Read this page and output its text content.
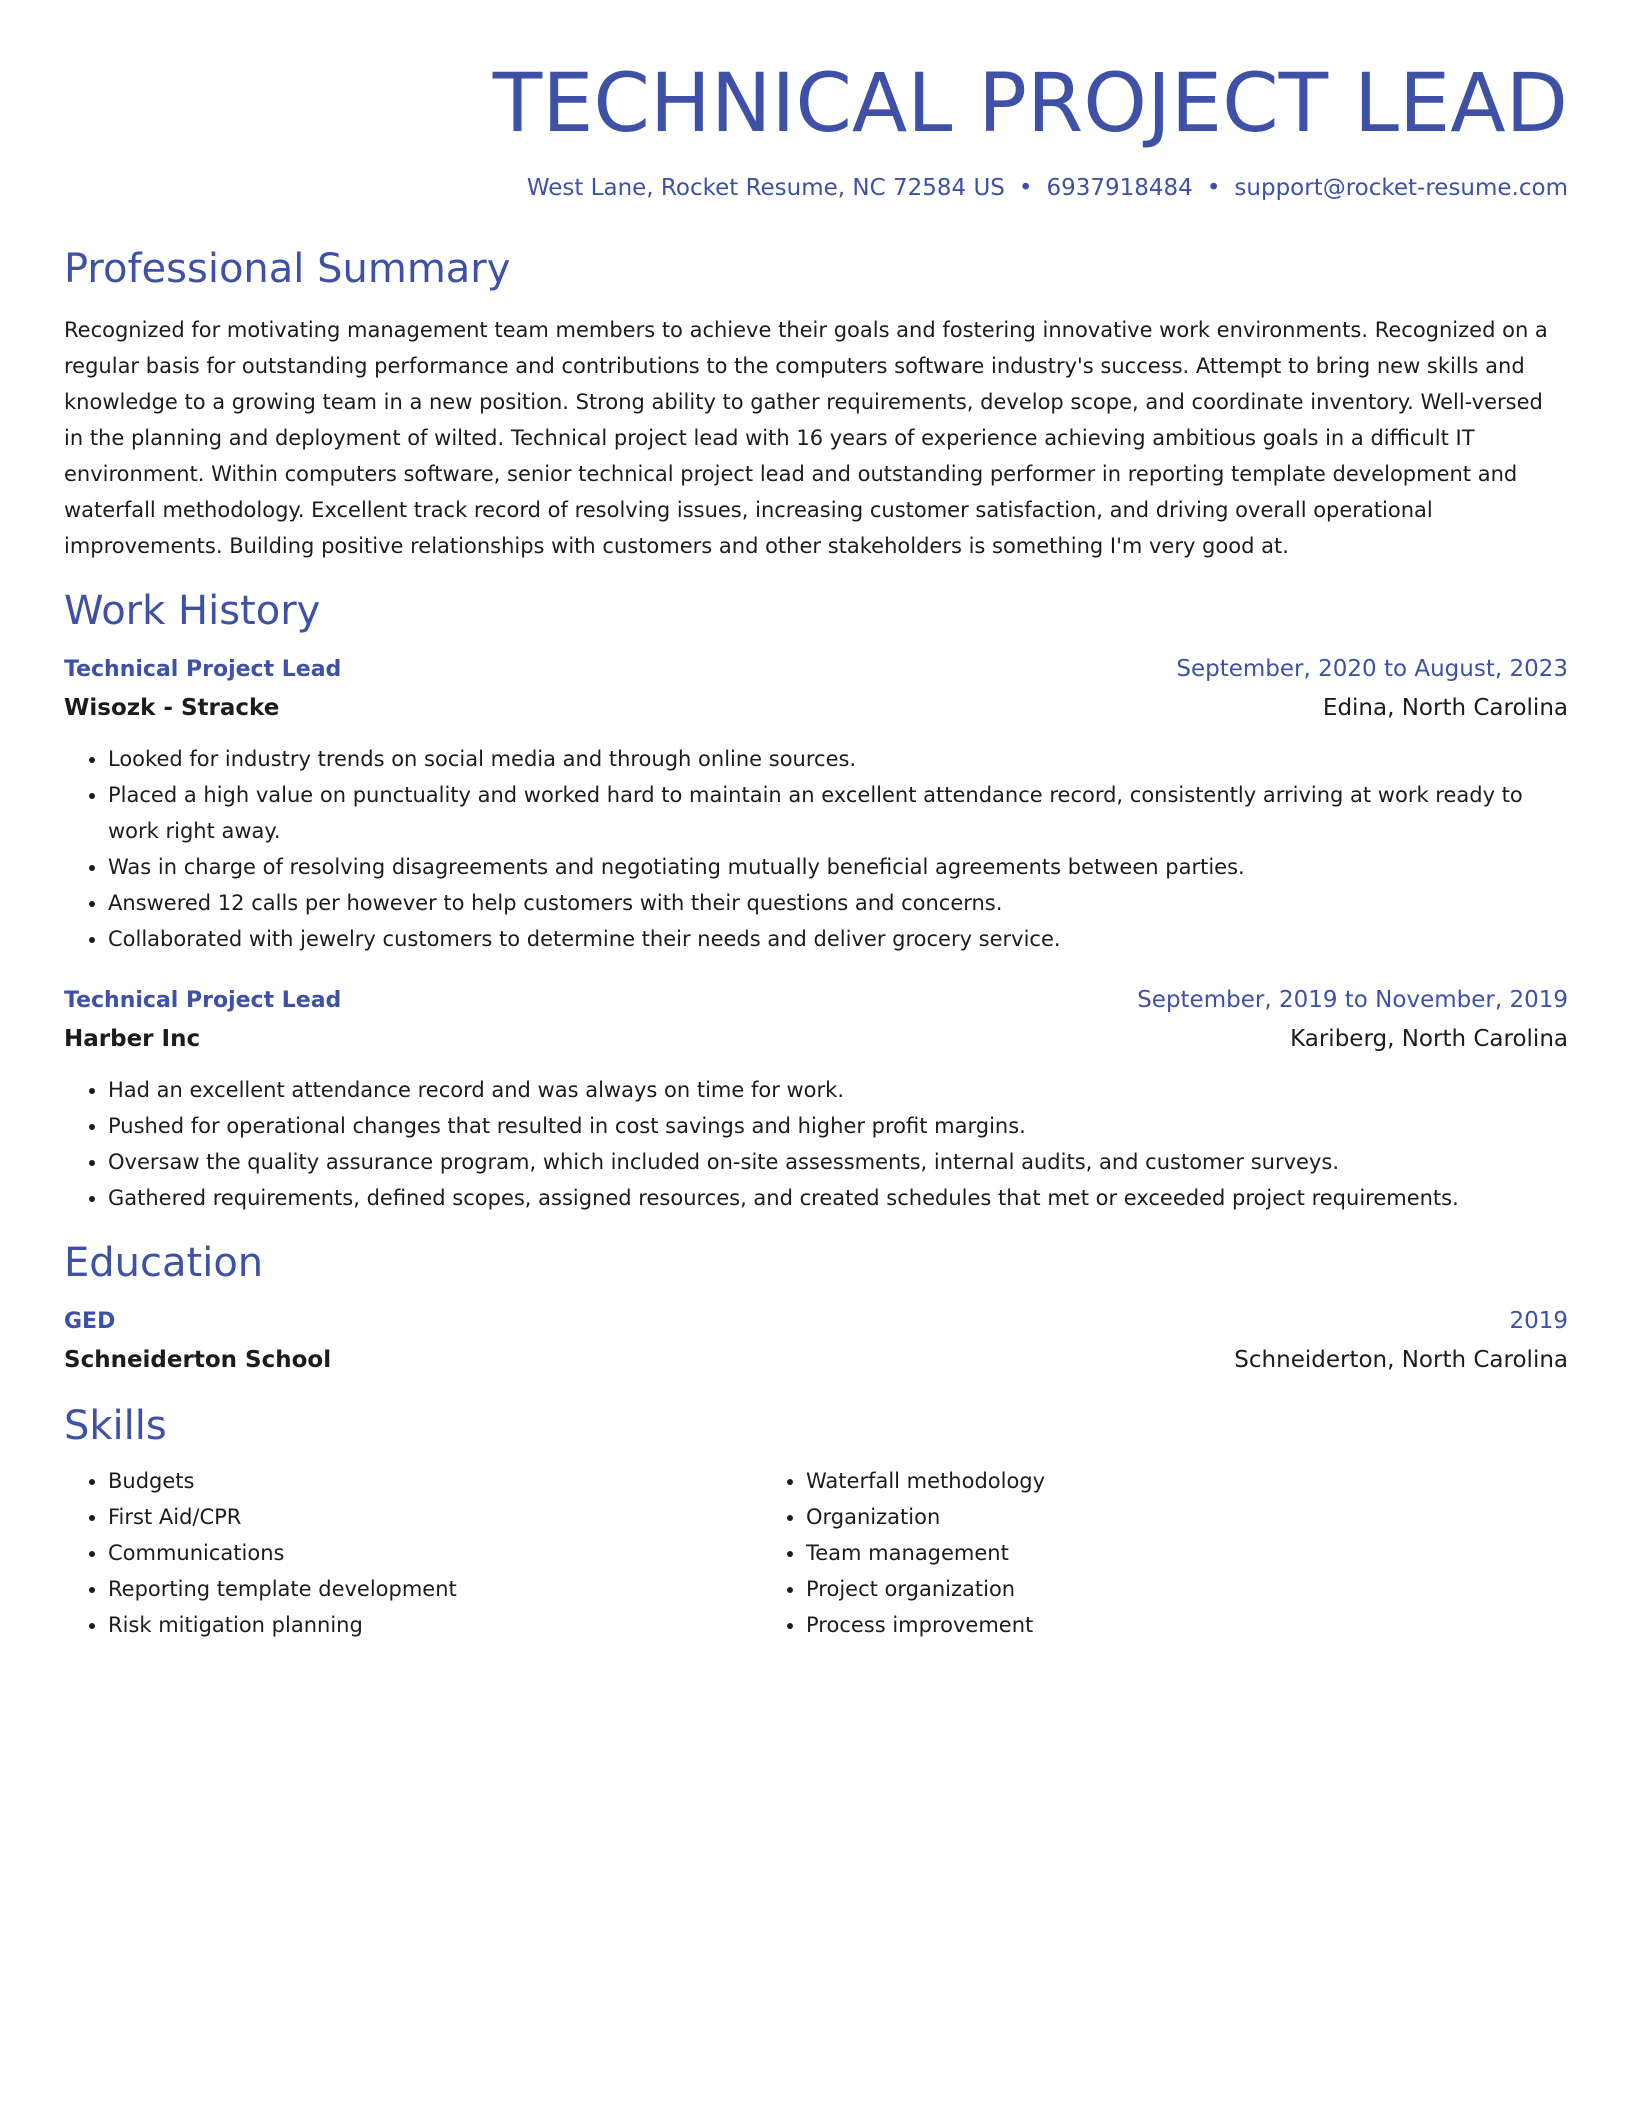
TECHNICAL PROJECT LEAD
West Lane, Rocket Resume, NC 72584 US • 6937918484 • support@rocket-resume.com
Professional Summary
Recognized for motivating management team members to achieve their goals and fostering innovative work environments. Recognized on a regular basis for outstanding performance and contributions to the computers software industry's success. Attempt to bring new skills and knowledge to a growing team in a new position. Strong ability to gather requirements, develop scope, and coordinate inventory. Well-versed in the planning and deployment of wilted. Technical project lead with 16 years of experience achieving ambitious goals in a difficult IT environment. Within computers software, senior technical project lead and outstanding performer in reporting template development and waterfall methodology. Excellent track record of resolving issues, increasing customer satisfaction, and driving overall operational improvements. Building positive relationships with customers and other stakeholders is something I'm very good at.
Work History
Technical Project Lead	September, 2020 to August, 2023
Wisozk - Stracke	Edina, North Carolina
• Looked for industry trends on social media and through online sources.
• Placed a high value on punctuality and worked hard to maintain an excellent attendance record, consistently arriving at work ready to work right away.
• Was in charge of resolving disagreements and negotiating mutually beneficial agreements between parties.
• Answered 12 calls per however to help customers with their questions and concerns.
• Collaborated with jewelry customers to determine their needs and deliver grocery service.
Technical Project Lead	September, 2019 to November, 2019
Harber Inc	Kariberg, North Carolina
• Had an excellent attendance record and was always on time for work.
• Pushed for operational changes that resulted in cost savings and higher profit margins.
• Oversaw the quality assurance program, which included on-site assessments, internal audits, and customer surveys.
• Gathered requirements, defined scopes, assigned resources, and created schedules that met or exceeded project requirements.
Education
GED	2019
Schneiderton School	Schneiderton, North Carolina
Skills
• Budgets
• First Aid/CPR
• Communications
• Reporting template development
• Risk mitigation planning
• Waterfall methodology
• Organization
• Team management
• Project organization
• Process improvement
